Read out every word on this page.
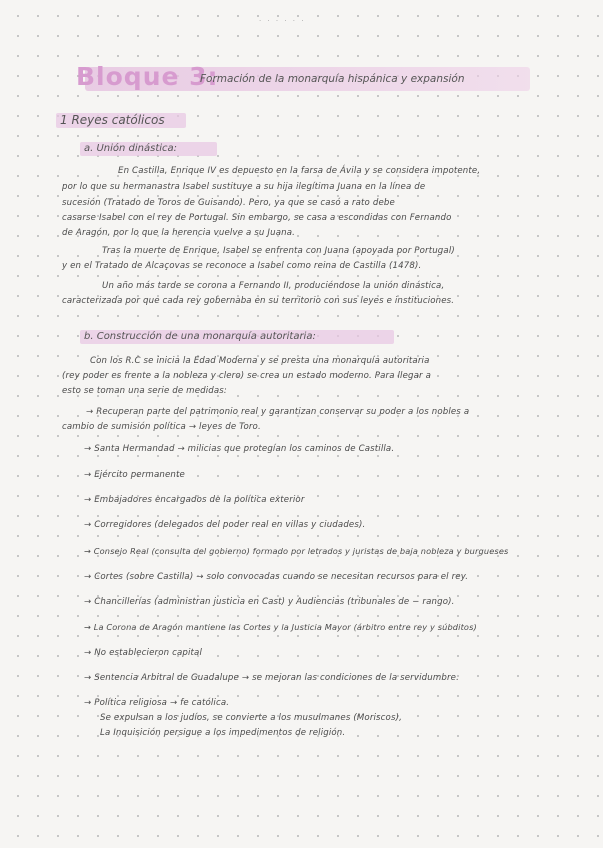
· · · · · ·
Bloque 3:
Formación de la monarquía hispánica y expansión
1 Reyes católicos
a. Unión dinástica:
En Castilla, Enrique IV es depuesto en la farsa de Ávila y se considera impotente,
por lo que su hermanastra Isabel sustituye a su hija ilegítima Juana en la línea de
sucesión (Tratado de Toros de Guisando). Pero, ya que se casó a rato debe
casarse Isabel con el rey de Portugal. Sin embargo, se casa a escondidas con Fernando
de Aragón, por lo que la herencia vuelve a su Juana.
Tras la muerte de Enrique, Isabel se enfrenta con Juana (apoyada por Portugal)
y en el Tratado de Alcaçovas se reconoce a Isabel como reina de Castilla (1478).
Un año más tarde se corona a Fernando II, produciéndose la unión dinástica,
caracterizada por que cada rey gobernaba en su territorio con sus leyes e instituciones.
b. Construcción de una monarquía autoritaria:
Con los R.C se inicia la Edad Moderna y se presta una monarquía autoritaria
(rey poder es frente a la nobleza y clero) se crea un estado moderno. Para llegar a
esto se toman una serie de medidas:
→ Recuperan parte del patrimonio real y garantizan conservar su poder a los nobles a
cambio de sumisión política → leyes de Toro.
→ Santa Hermandad → milicias que protegían los caminos de Castilla.
→ Ejército permanente
→ Embajadores encargados de la política exterior
→ Corregidores (delegados del poder real en villas y ciudades).
→ Consejo Real (consulta del gobierno) formado por letrados y juristas de baja nobleza y burgueses
→ Cortes (sobre Castilla) → solo convocadas cuando se necesitan recursos para el rey.
→ Chancillerías (administran justicia en Cast) y Audiencias (tribunales de − rango).
→ La Corona de Aragón mantiene las Cortes y la Justicia Mayor (árbitro entre rey y súbditos)
→ No establecieron capital
→ Sentencia Arbitral de Guadalupe → se mejoran las condiciones de la servidumbre.
→ Política religiosa → fe católica.
Se expulsan a los judíos, se convierte a los musulmanes (Moriscos),
La Inquisición persigue a los impedimentos de religión.
